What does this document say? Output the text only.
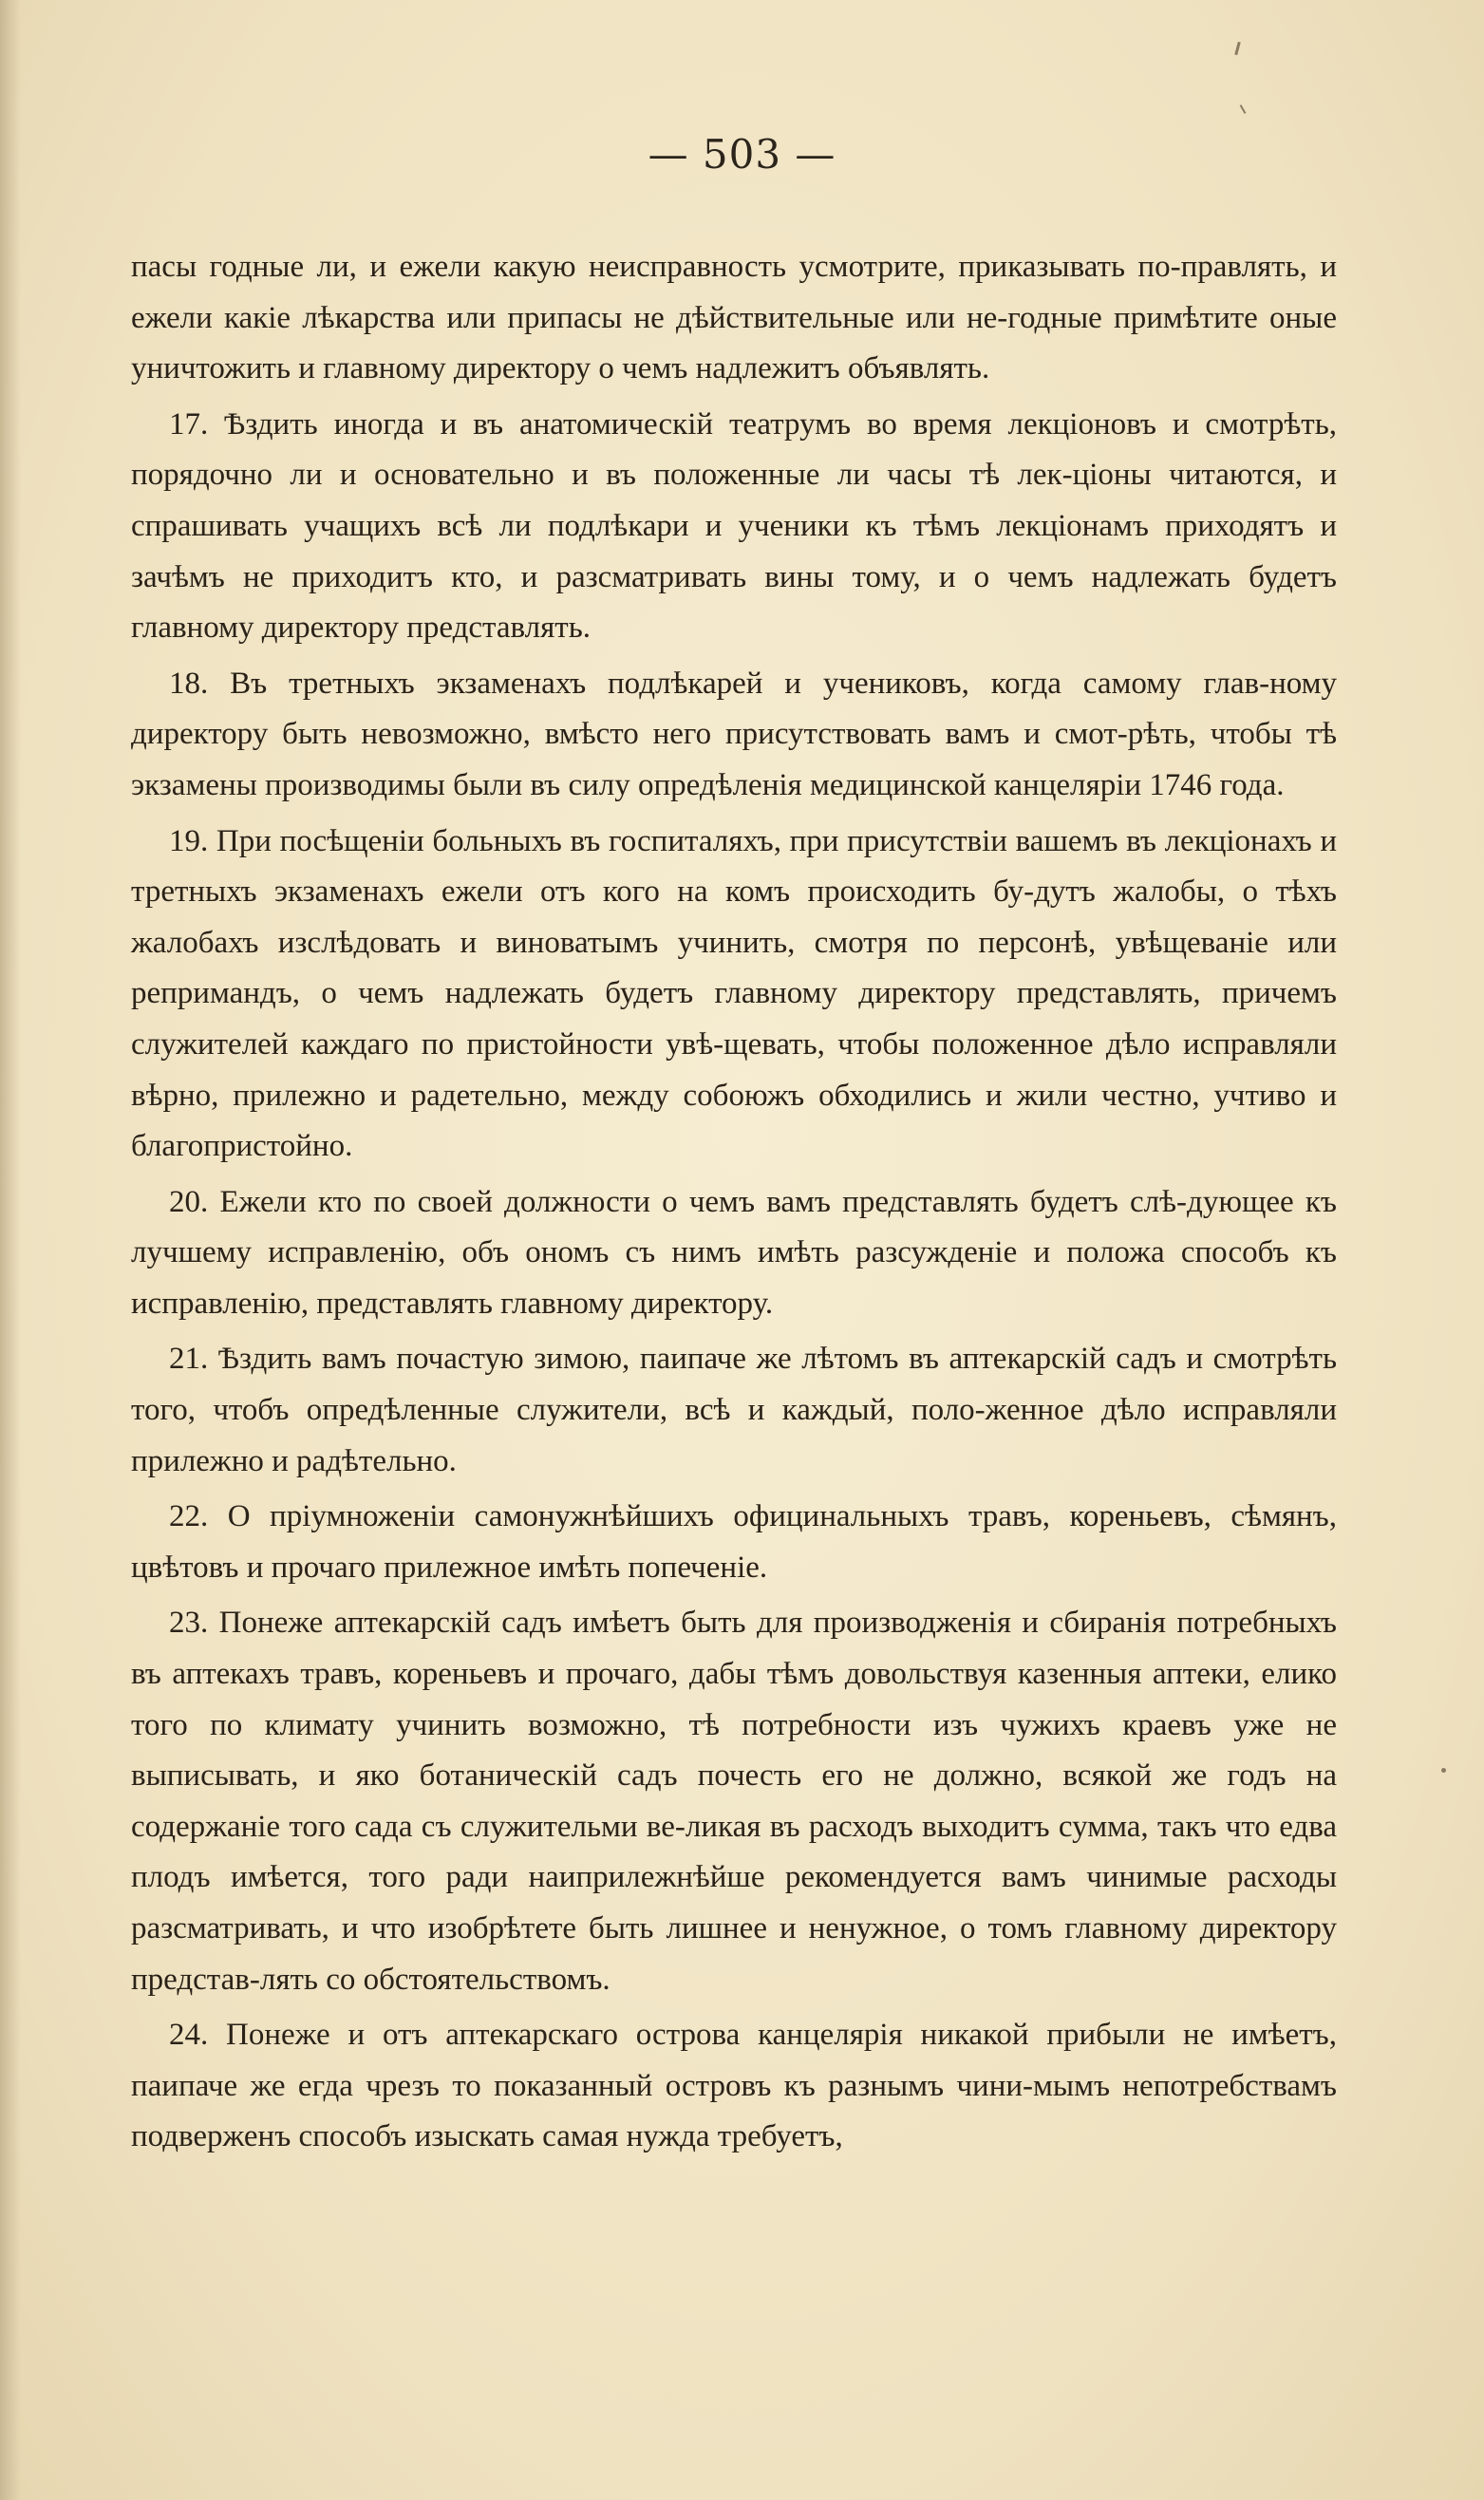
— 503 —

пасы годные ли, и ежели какую неисправность усмотрите, приказывать по-правлять, и ежели какiе лѣкарства или припасы не дѣйствительные или не-годные примѣтите оные уничтожить и главному директору о чемъ надлежитъ объявлять.

17. Ѣздить иногда и въ анатомическiй театрумъ во время лекцiоновъ и смотрѣть, порядочно ли и основательно и въ положенные ли часы тѣ лек-цiоны читаются, и спрашивать учащихъ всѣ ли подлѣкари и ученики къ тѣмъ лекцiонамъ приходятъ и зачѣмъ не приходитъ кто, и разсматривать вины тому, и о чемъ надлежать будетъ главному директору представлять.

18. Въ третныхъ экзаменахъ подлѣкарей и учениковъ, когда самому глав-ному директору быть невозможно, вмѣсто него присутствовать вамъ и смот-рѣть, чтобы тѣ экзамены производимы были въ силу опредѣленiя медицинской канцелярiи 1746 года.

19. При посѣщенiи больныхъ въ госпиталяхъ, при присутствiи вашемъ въ лекцiонахъ и третныхъ экзаменахъ ежели отъ кого на комъ происходить бу-дутъ жалобы, о тѣхъ жалобахъ изслѣдовать и виноватымъ учинить, смотря по персонѣ, увѣщеванiе или репримандъ, о чемъ надлежать будетъ главному директору представлять, причемъ служителей каждаго по пристойности увѣ-щевать, чтобы положенное дѣло исправляли вѣрно, прилежно и радетельно, между собоюжъ обходились и жили честно, учтиво и благопристойно.

20. Ежели кто по своей должности о чемъ вамъ представлять будетъ слѣ-дующее къ лучшему исправленiю, объ ономъ съ нимъ имѣть разсужденiе и положа способъ къ исправленiю, представлять главному директору.

21. Ѣздить вамъ почастую зимою, паипаче же лѣтомъ въ аптекарскiй садъ и смотрѣть того, чтобъ опредѣленные служители, всѣ и каждый, поло-женное дѣло исправляли прилежно и радѣтельно.

22. О прiумноженiи самонужнѣйшихъ официнальныхъ травъ, кореньевъ, сѣмянъ, цвѣтовъ и прочаго прилежное имѣть попеченiе.

23. Понеже аптекарскiй садъ имѣетъ быть для производженiя и сбиранiя потребныхъ въ аптекахъ травъ, кореньевъ и прочаго, дабы тѣмъ довольствуя казенныя аптеки, елико того по климату учинить возможно, тѣ потребности изъ чужихъ краевъ уже не выписывать, и яко ботаническiй садъ почесть его не должно, всякой же годъ на содержанiе того сада съ служительми ве-ликая въ расходъ выходитъ сумма, такъ что едва плодъ имѣется, того ради наиприлежнѣйше рекомендуется вамъ чинимые расходы разсматривать, и что изобрѣтете быть лишнее и ненужное, о томъ главному директору представ-лять со обстоятельствомъ.

24. Понеже и отъ аптекарскаго острова канцелярiя никакой прибыли не имѣетъ, паипаче же егда чрезъ то показанный островъ къ разнымъ чини-мымъ непотребствамъ подверженъ способъ изыскать самая нужда требуетъ,
